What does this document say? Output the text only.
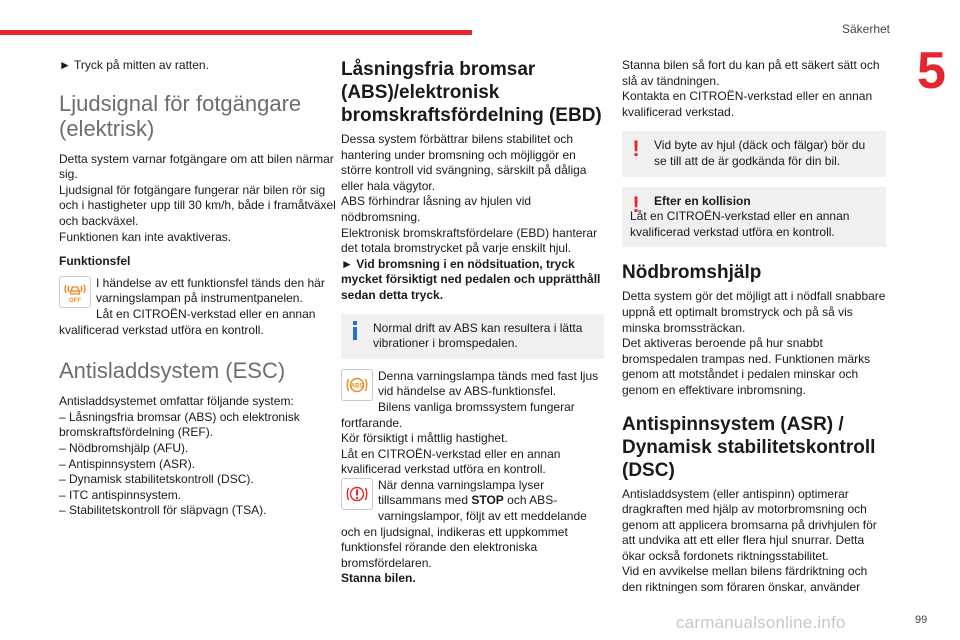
Säkerhet
5

► Tryck på mitten av ratten.

Ljudsignal för fotgängare (elektrisk)

Detta system varnar fotgängare om att bilen närmar sig.

Ljudsignal för fotgängare fungerar när bilen rör sig och i hastigheter upp till 30 km/h, både i framåtväxel och backväxel.

Funktionen kan inte avaktiveras.

Funktionsfel

OFF
I händelse av ett funktionsfel tänds den här varningslampan på instrumentpanelen.

Låt en CITROËN-verkstad eller en annan kvalificerad verkstad utföra en kontroll.

Antisladdsystem (ESC)

Antisladdsystemet omfattar följande system:

– Låsningsfria bromsar (ABS) och elektronisk bromskraftsfördelning (REF).

– Nödbromshjälp (AFU).

– Antispinnsystem (ASR).

– Dynamisk stabilitetskontroll (DSC).

– ITC antispinnsystem.

– Stabilitetskontroll för släpvagn (TSA).

Låsningsfria bromsar (ABS)/elektronisk bromskraftsfördelning (EBD)

Dessa system förbättrar bilens stabilitet och hantering under bromsning och möjliggör en större kontroll vid svängning, särskilt på dåliga eller hala vägytor.

ABS förhindrar låsning av hjulen vid nödbromsning.

Elektronisk bromskraftsfördelare (EBD) hanterar det totala bromstrycket på varje enskilt hjul.

► Vid bromsning i en nödsituation, tryck mycket försiktigt ned pedalen och upprätthåll sedan detta tryck.

Normal drift av ABS kan resultera i lätta vibrationer i bromspedalen.
ABS
Denna varningslampa tänds med fast ljus vid händelse av ABS-funktionsfel.

Bilens vanliga bromssystem fungerar fortfarande.

Kör försiktigt i måttlig hastighet.

Låt en CITROËN-verkstad eller en annan kvalificerad verkstad utföra en kontroll.

När denna varningslampa lyser tillsammans med STOP och ABS-varningslampor, följt av ett meddelande och en ljudsignal, indikeras ett uppkommet funktionsfel rörande den elektroniska bromsfördelaren.

Stanna bilen.

Stanna bilen så fort du kan på ett säkert sätt och slå av tändningen.

Kontakta en CITROËN-verkstad eller en annan kvalificerad verkstad.

! Vid byte av hjul (däck och fälgar) bör du se till att de är godkända för din bil.
! Efter en kollision

Låt en CITROËN-verkstad eller en annan kvalificerad verkstad utföra en kontroll.

Nödbromshjälp

Detta system gör det möjligt att i nödfall snabbare uppnå ett optimalt bromstryck och på så vis minska bromssträckan.

Det aktiveras beroende på hur snabbt bromspedalen trampas ned. Funktionen märks genom att motståndet i pedalen minskar och genom en effektivare inbromsning.

Antispinnsystem (ASR) / Dynamisk stabilitetskontroll (DSC)

Antisladdsystem (eller antispinn) optimerar dragkraften med hjälp av motorbromsning och genom att applicera bromsarna på drivhjulen för att undvika att ett eller flera hjul snurrar. Detta ökar också fordonets riktningsstabilitet.

Vid en avvikelse mellan bilens färdriktning och den riktningen som föraren önskar, använder

carmanualsonline.info	99
